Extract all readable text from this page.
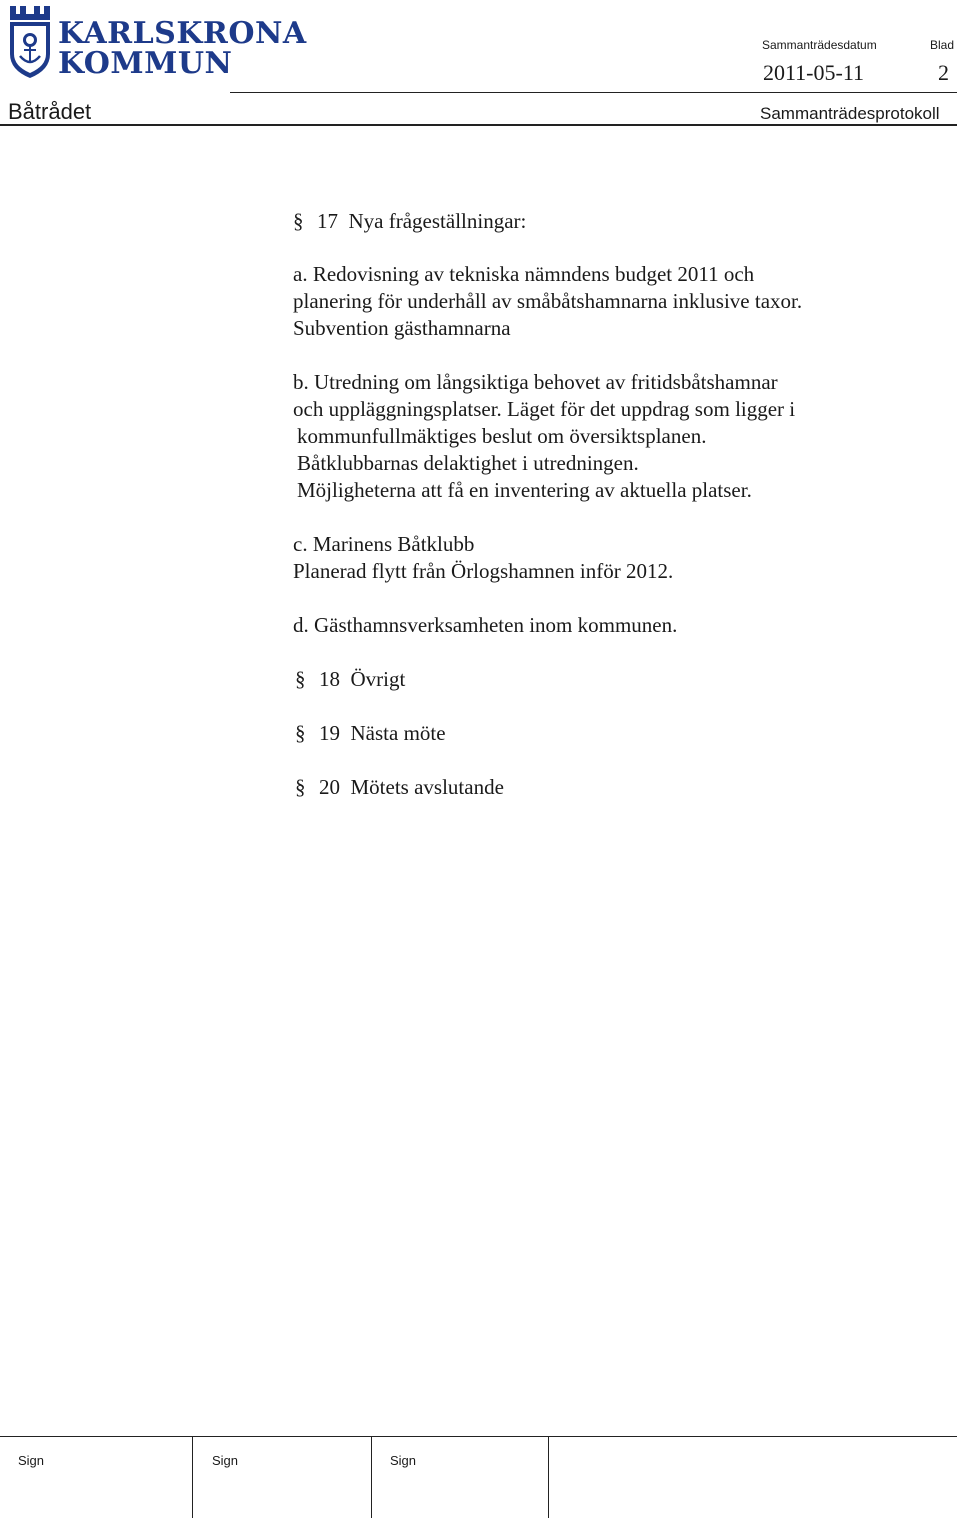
KARLSKRONA
KOMMUN
Sammanträdesdatum	Blad
2011-05-11	2
Båtrådet	Sammanträdesprotokoll
§ 17 Nya frågeställningar:
a. Redovisning av tekniska nämndens budget 2011 och
planering för underhåll av småbåtshamnarna inklusive taxor.
Subvention gästhamnarna
b. Utredning om långsiktiga behovet av fritidsbåtshamnar
och uppläggningsplatser. Läget för det uppdrag som ligger i
kommunfullmäktiges beslut om översiktsplanen.
Båtklubbarnas delaktighet i utredningen.
Möjligheterna att få en inventering av aktuella platser.
c. Marinens Båtklubb
Planerad flytt från Örlogshamnen inför 2012.
d. Gästhamnsverksamheten inom kommunen.
§ 18 Övrigt
§ 19 Nästa möte
§ 20 Mötets avslutande
Sign	Sign	Sign
